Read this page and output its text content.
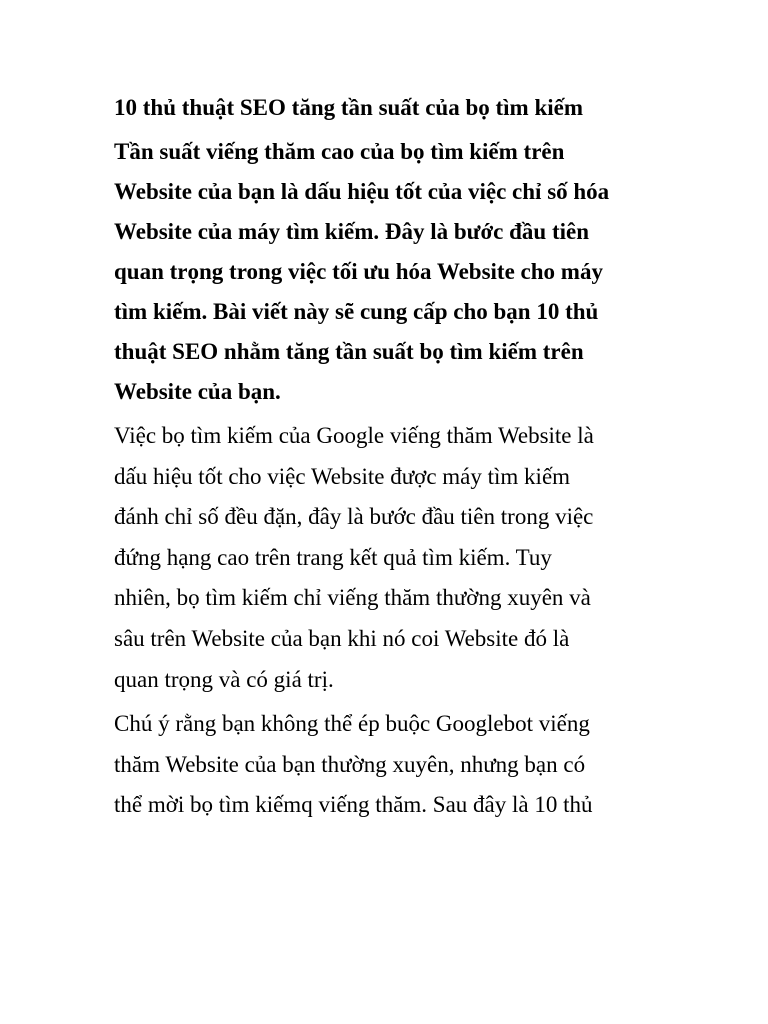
10 thủ thuật SEO tăng tần suất của bọ tìm kiếm
Tần suất viếng thăm cao của bọ tìm kiếm trên
Website của bạn là dấu hiệu tốt của việc chỉ số hóa
Website của máy tìm kiếm. Đây là bước đầu tiên
quan trọng trong việc tối ưu hóa Website cho máy
tìm kiếm. Bài viết này sẽ cung cấp cho bạn 10 thủ
thuật SEO nhằm tăng tần suất bọ tìm kiếm trên
Website của bạn.
Việc bọ tìm kiếm của Google viếng thăm Website là
dấu hiệu tốt cho việc Website được máy tìm kiếm
đánh chỉ số đều đặn, đây là bước đầu tiên trong việc
đứng hạng cao trên trang kết quả tìm kiếm. Tuy
nhiên, bọ tìm kiếm chỉ viếng thăm thường xuyên và
sâu trên Website của bạn khi nó coi Website đó là
quan trọng và có giá trị.
Chú ý rằng bạn không thể ép buộc Googlebot viếng
thăm Website của bạn thường xuyên, nhưng bạn có
thể mời bọ tìm kiếmq viếng thăm. Sau đây là 10 thủ
